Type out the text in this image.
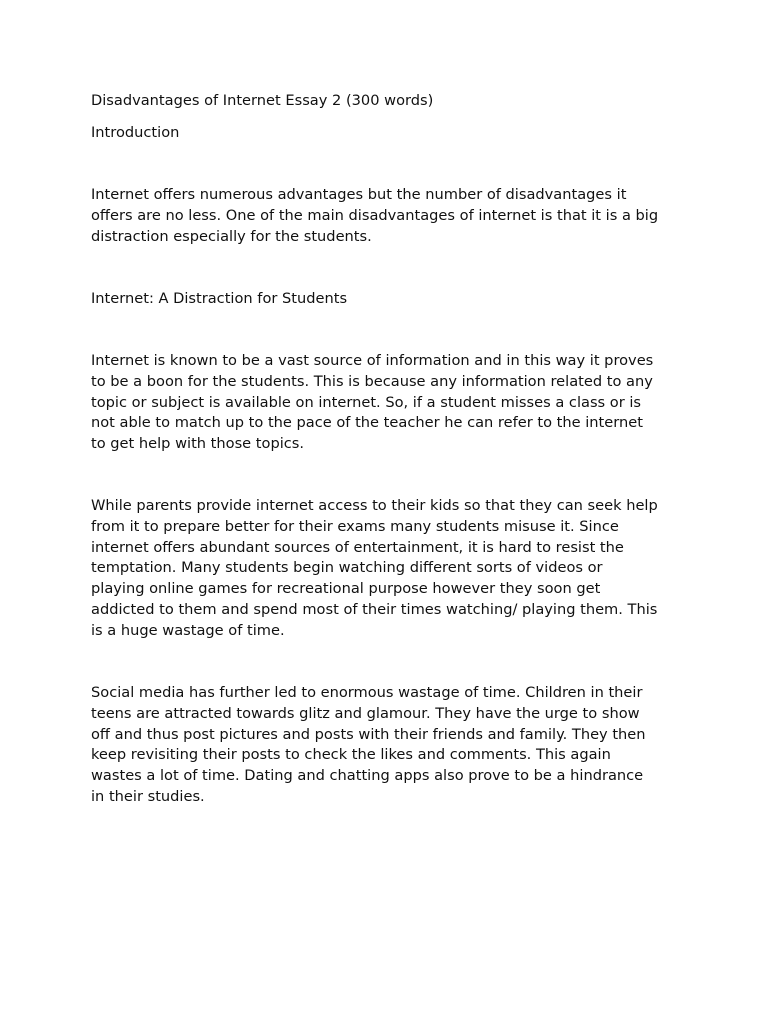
Disadvantages of Internet Essay 2 (300 words)

Introduction

Internet offers numerous advantages but the number of disadvantages it
offers are no less. One of the main disadvantages of internet is that it is a big
distraction especially for the students.

Internet: A Distraction for Students

Internet is known to be a vast source of information and in this way it proves
to be a boon for the students. This is because any information related to any
topic or subject is available on internet. So, if a student misses a class or is
not able to match up to the pace of the teacher he can refer to the internet
to get help with those topics.
While parents provide internet access to their kids so that they can seek help
from it to prepare better for their exams many students misuse it. Since
internet offers abundant sources of entertainment, it is hard to resist the
temptation. Many students begin watching different sorts of videos or
playing online games for recreational purpose however they soon get
addicted to them and spend most of their times watching/ playing them. This
is a huge wastage of time.
Social media has further led to enormous wastage of time. Children in their
teens are attracted towards glitz and glamour. They have the urge to show
off and thus post pictures and posts with their friends and family. They then
keep revisiting their posts to check the likes and comments. This again
wastes a lot of time. Dating and chatting apps also prove to be a hindrance
in their studies.
